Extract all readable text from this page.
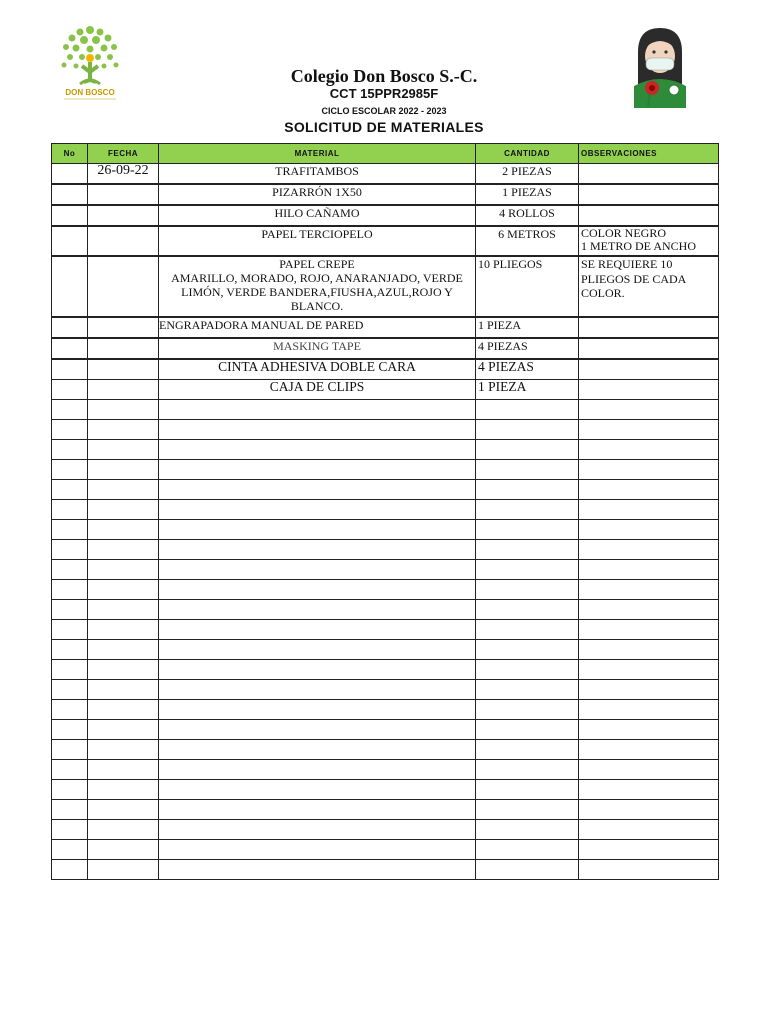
DON BOSCO
Colegio Don Bosco S.-C.
CCT 15PPR2985F
CICLO ESCOLAR 2022 - 2023
SOLICITUD DE MATERIALES
No	FECHA	MATERIAL	CANTIDAD	OBSERVACIONES
	26-09-22	TRAFITAMBOS	2 PIEZAS	
		PIZARRÓN 1X50	1 PIEZAS	
		HILO CAÑAMO	4 ROLLOS	
		PAPEL TERCIOPELO	6 METROS	COLOR NEGRO
1 METRO DE ANCHO
		PAPEL CREPE
AMARILLO, MORADO, ROJO, ANARANJADO, VERDE LIMÓN, VERDE BANDERA,FIUSHA,AZUL,ROJO Y BLANCO.	10 PLIEGOS	SE REQUIERE 10 PLIEGOS DE CADA COLOR.
		ENGRAPADORA MANUAL DE PARED	1 PIEZA	
		MASKING TAPE	4 PIEZAS	
		CINTA ADHESIVA DOBLE CARA	4 PIEZAS	
		CAJA DE CLIPS	1 PIEZA	
